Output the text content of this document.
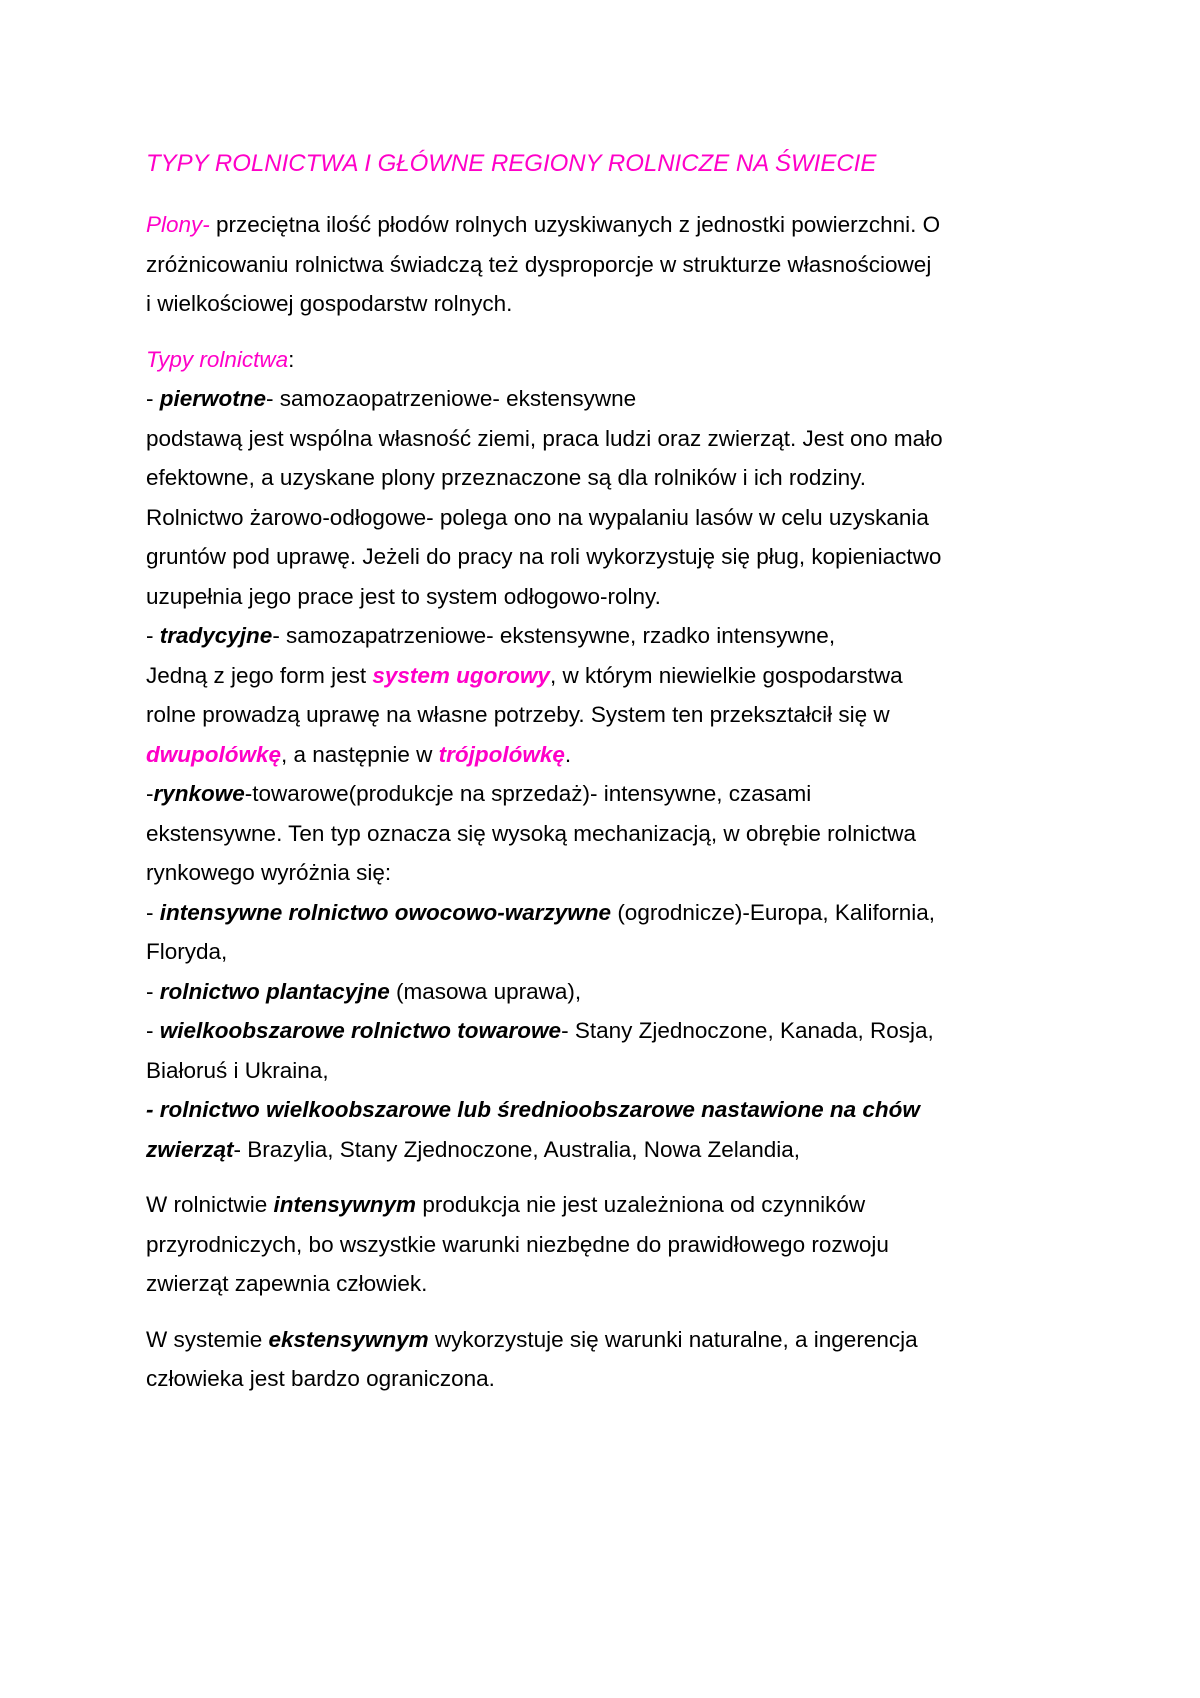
TYPY ROLNICTWA I GŁÓWNE REGIONY ROLNICZE NA ŚWIECIE
Plony- przeciętna ilość płodów rolnych uzyskiwanych z jednostki powierzchni. O
zróżnicowaniu rolnictwa świadczą też dysproporcje w strukturze własnościowej
i wielkościowej gospodarstw rolnych.
Typy rolnictwa:
- pierwotne- samozaopatrzeniowe- ekstensywne
podstawą jest wspólna własność ziemi, praca ludzi oraz zwierząt. Jest ono mało
efektowne, a uzyskane plony przeznaczone są dla rolników i ich rodziny.
Rolnictwo żarowo-odłogowe- polega ono na wypalaniu lasów w celu uzyskania
gruntów pod uprawę. Jeżeli do pracy na roli wykorzystuję się pług, kopieniactwo
uzupełnia jego prace jest to system odłogowo-rolny.
- tradycyjne- samozapatrzeniowe- ekstensywne, rzadko intensywne,
Jedną z jego form jest system ugorowy, w którym niewielkie gospodarstwa
rolne prowadzą uprawę na własne potrzeby. System ten przekształcił się w
dwupolówkę, a następnie w trójpolówkę.
-rynkowe-towarowe(produkcje na sprzedaż)- intensywne, czasami
ekstensywne. Ten typ oznacza się wysoką mechanizacją, w obrębie rolnictwa
rynkowego wyróżnia się:
- intensywne rolnictwo owocowo-warzywne (ogrodnicze)-Europa, Kalifornia,
Floryda,
- rolnictwo plantacyjne (masowa uprawa),
- wielkoobszarowe rolnictwo towarowe- Stany Zjednoczone, Kanada, Rosja,
Białoruś i Ukraina,
- rolnictwo wielkoobszarowe lub średnioobszarowe nastawione na chów
zwierząt- Brazylia, Stany Zjednoczone, Australia, Nowa Zelandia,
W rolnictwie intensywnym produkcja nie jest uzależniona od czynników
przyrodniczych, bo wszystkie warunki niezbędne do prawidłowego rozwoju
zwierząt zapewnia człowiek.
W systemie ekstensywnym wykorzystuje się warunki naturalne, a ingerencja
człowieka jest bardzo ograniczona.
